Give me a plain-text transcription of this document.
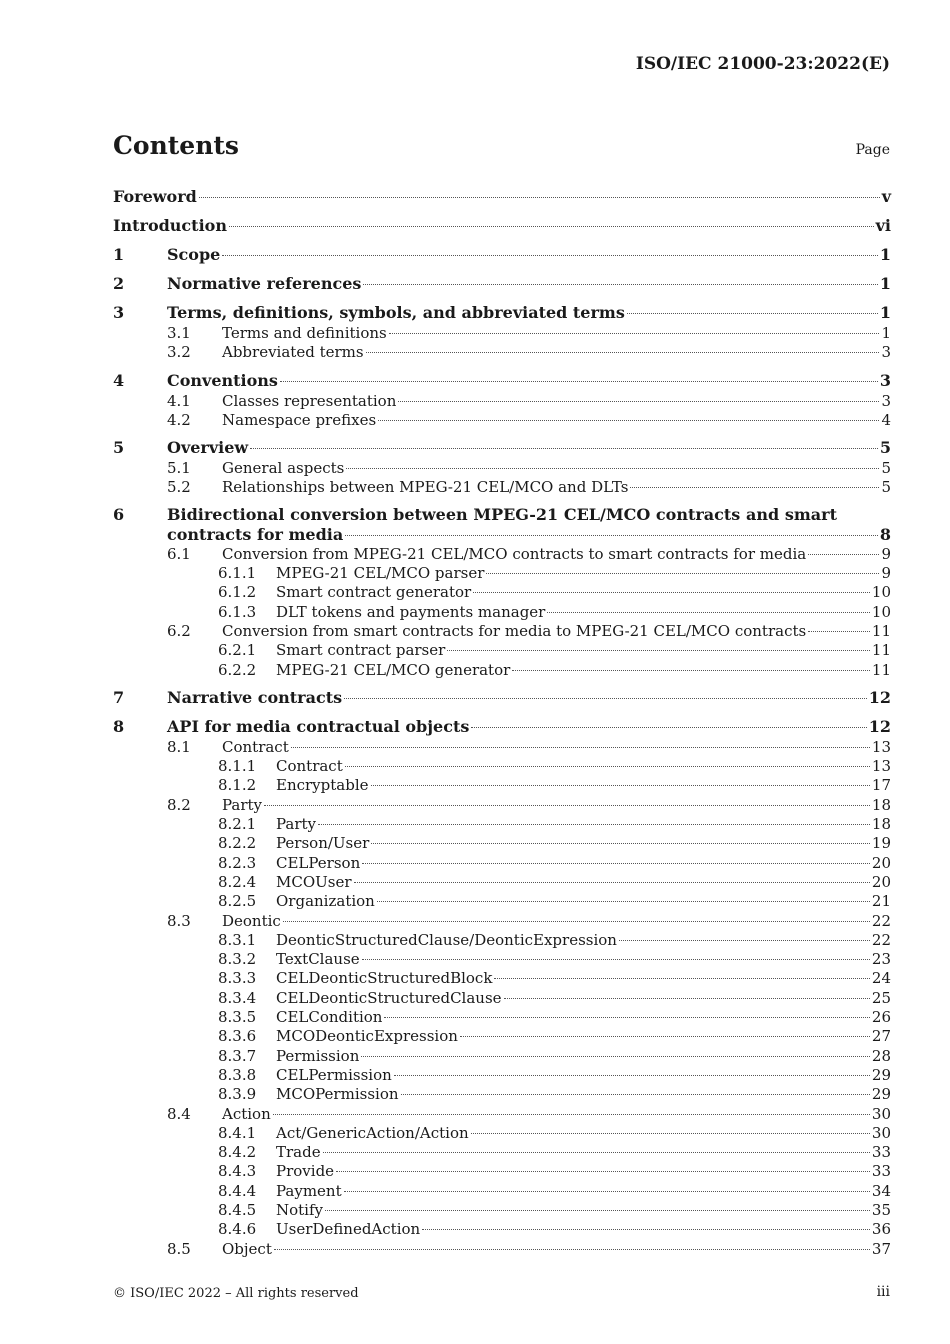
ISO/IEC 21000-23:2022(E)
Contents	Page
Foreword	v
Introduction	vi
1	Scope	1
2	Normative references	1
3	Terms, definitions, symbols, and abbreviated terms	1
3.1 Terms and definitions	1
3.2 Abbreviated terms	3
4	Conventions	3
4.1 Classes representation	3
4.2 Namespace prefixes	4
5	Overview	5
5.1 General aspects	5
5.2 Relationships between MPEG-21 CEL/MCO and DLTs	5
6	Bidirectional conversion between MPEG-21 CEL/MCO contracts and smart
contracts for media	8
6.1 Conversion from MPEG-21 CEL/MCO contracts to smart contracts for media	9
6.1.1 MPEG-21 CEL/MCO parser	9
6.1.2 Smart contract generator	10
6.1.3 DLT tokens and payments manager	10
6.2 Conversion from smart contracts for media to MPEG-21 CEL/MCO contracts	11
6.2.1 Smart contract parser	11
6.2.2 MPEG-21 CEL/MCO generator	11
7	Narrative contracts	12
8	API for media contractual objects	12
8.1 Contract	13
8.1.1 Contract	13
8.1.2 Encryptable	17
8.2 Party	18
8.2.1 Party	18
8.2.2 Person/User	19
8.2.3 CELPerson	20
8.2.4 MCOUser	20
8.2.5 Organization	21
8.3 Deontic	22
8.3.1 DeonticStructuredClause/DeonticExpression	22
8.3.2 TextClause	23
8.3.3 CELDeonticStructuredBlock	24
8.3.4 CELDeonticStructuredClause	25
8.3.5 CELCondition	26
8.3.6 MCODeonticExpression	27
8.3.7 Permission	28
8.3.8 CELPermission	29
8.3.9 MCOPermission	29
8.4 Action	30
8.4.1 Act/GenericAction/Action	30
8.4.2 Trade	33
8.4.3 Provide	33
8.4.4 Payment	34
8.4.5 Notify	35
8.4.6 UserDefinedAction	36
8.5 Object	37
© ISO/IEC 2022 – All rights reserved	iii
